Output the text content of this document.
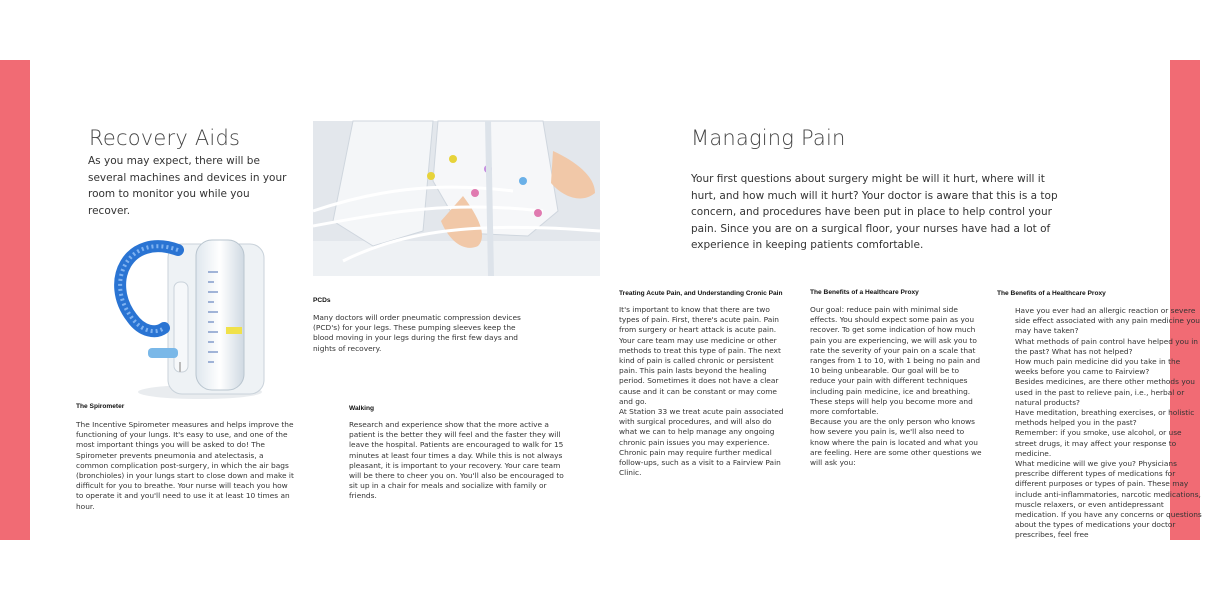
Recovery Aids
As you may expect, there will be several machines and devices in your room to monitor you while you recover.
PCDs
Many doctors will order pneumatic compression devices (PCD's) for your legs. These pumping sleeves keep the blood moving in your legs during the first few days and nights of recovery.
The Spirometer
The Incentive Spirometer measures and helps improve the functioning of your lungs. It's easy to use, and one of the most important things you will be asked to do! The Spirometer prevents pneumonia and atelectasis, a common complication post-surgery, in which the air bags (bronchioles) in your lungs start to close down and make it difficult for you to breathe. Your nurse will teach you how to operate it and you'll need to use it at least 10 times an hour.
Walking
Research and experience show that the more active a patient is the better they will feel and the faster they will leave the hospital. Patients are encouraged to walk for 15 minutes at least four times a day. While this is not always pleasant, it is important to your recovery. Your care team will be there to cheer you on. You'll also be encouraged to sit up in a chair for meals and socialize with family or friends.
Managing Pain
Your first questions about surgery might be will it hurt, where will it hurt, and how much will it hurt? Your doctor is aware that this is a top concern, and procedures have been put in place to help control your pain. Since you are on a surgical floor, your nurses have had a lot of experience in keeping patients comfortable.
Treating Acute Pain, and Understanding Cronic Pain
It's important to know that there are two types of pain. First, there's acute pain. Pain from surgery or heart attack is acute pain. Your care team may use medicine or other methods to treat this type of pain. The next kind of pain is called chronic or persistent pain. This pain lasts beyond the healing period. Sometimes it does not have a clear cause and it can be constant or may come and go.
At Station 33 we treat acute pain associated with surgical procedures, and will also do what we can to help manage any ongoing chronic pain issues you may experience. Chronic pain may require further medical follow-ups, such as a visit to a Fairview Pain Clinic.
The Benefits of a Healthcare Proxy
Our goal: reduce pain with minimal side effects. You should expect some pain as you recover. To get some indication of how much pain you are experiencing, we will ask you to rate the severity of your pain on a scale that ranges from 1 to 10, with 1 being no pain and 10 being unbearable. Our goal will be to reduce your pain with different techniques including pain medicine, ice and breathing. These steps will help you become more and more comfortable.
Because you are the only person who knows how severe you pain is, we'll also need to know where the pain is located and what you are feeling. Here are some other questions we will ask you:
The Benefits of a Healthcare Proxy
Have you ever had an allergic reaction or severe side effect associated with any pain medicine you may have taken?
What methods of pain control have helped you in the past? What has not helped?
How much pain medicine did you take in the weeks before you came to Fairview?
Besides medicines, are there other methods you used in the past to relieve pain, i.e., herbal or natural products?
Have meditation, breathing exercises, or holistic methods helped you in the past?
Remember: if you smoke, use alcohol, or use street drugs, it may affect your response to medicine.
What medicine will we give you? Physicians prescribe different types of medications for different purposes or types of pain. These may include anti-inflammatories, narcotic medications, muscle relaxers, or even antidepressant medication. If you have any concerns or questions about the types of medications your doctor prescribes, feel free
